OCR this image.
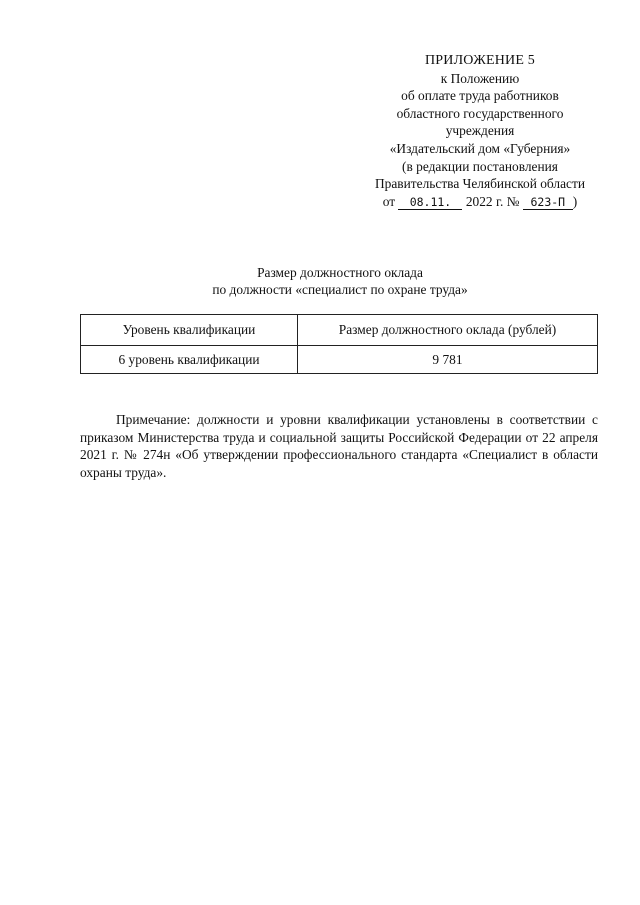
ПРИЛОЖЕНИЕ 5
к Положению
об оплате труда работников
областного государственного
учреждения
«Издательский дом «Губерния»
(в редакции постановления
Правительства Челябинской области
от 08.11. 2022 г. № 623-П )
Размер должностного оклада
по должности «специалист по охране труда»
Уровень квалификации	Размер должностного оклада (рублей)
6 уровень квалификации	9 781

Примечание: должности и уровни квалификации установлены в соответствии с приказом Министерства труда и социальной защиты Российской Федерации от 22 апреля 2021 г. № 274н «Об утверждении профессионального стандарта «Специалист в области охраны труда».
